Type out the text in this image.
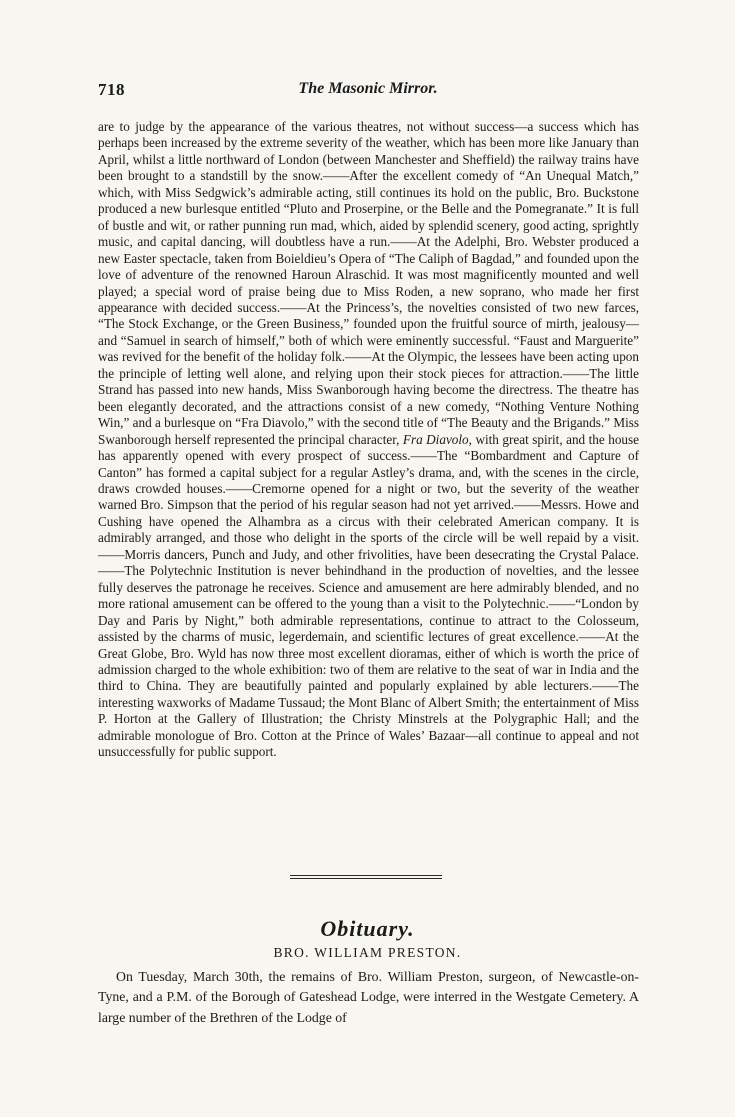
718	The Masonic Mirror.

are to judge by the appearance of the various theatres, not without success—a success which has perhaps been increased by the extreme severity of the weather, which has been more like January than April, whilst a little northward of London (between Manchester and Sheffield) the railway trains have been brought to a standstill by the snow.——After the excellent comedy of “An Unequal Match,” which, with Miss Sedgwick’s admirable acting, still continues its hold on the public, Bro. Buckstone produced a new burlesque entitled “Pluto and Proserpine, or the Belle and the Pomegranate.” It is full of bustle and wit, or rather punning run mad, which, aided by splendid scenery, good acting, sprightly music, and capital dancing, will doubtless have a run.——At the Adelphi, Bro. Webster produced a new Easter spectacle, taken from Boieldieu’s Opera of “The Caliph of Bagdad,” and founded upon the love of adventure of the renowned Haroun Alraschid. It was most magnificently mounted and well played; a special word of praise being due to Miss Roden, a new soprano, who made her first appearance with decided success.——At the Princess’s, the novelties consisted of two new farces, “The Stock Exchange, or the Green Business,” founded upon the fruitful source of mirth, jealousy—and “Samuel in search of himself,” both of which were eminently successful. “Faust and Marguerite” was revived for the benefit of the holiday folk.——At the Olympic, the lessees have been acting upon the principle of letting well alone, and relying upon their stock pieces for attraction.——The little Strand has passed into new hands, Miss Swanborough having become the directress. The theatre has been elegantly decorated, and the attractions consist of a new comedy, “Nothing Venture Nothing Win,” and a burlesque on “Fra Diavolo,” with the second title of “The Beauty and the Brigands.” Miss Swanborough herself represented the principal character, Fra Diavolo, with great spirit, and the house has apparently opened with every prospect of success.——The “Bombardment and Capture of Canton” has formed a capital subject for a regular Astley’s drama, and, with the scenes in the circle, draws crowded houses.——Cremorne opened for a night or two, but the severity of the weather warned Bro. Simpson that the period of his regular season had not yet arrived.——Messrs. Howe and Cushing have opened the Alhambra as a circus with their celebrated American company. It is admirably arranged, and those who delight in the sports of the circle will be well repaid by a visit.——Morris dancers, Punch and Judy, and other frivolities, have been desecrating the Crystal Palace.——The Polytechnic Institution is never behindhand in the production of novelties, and the lessee fully deserves the patronage he receives. Science and amusement are here admirably blended, and no more rational amusement can be offered to the young than a visit to the Polytechnic.——“London by Day and Paris by Night,” both admirable representations, continue to attract to the Colosseum, assisted by the charms of music, legerdemain, and scientific lectures of great excellence.——At the Great Globe, Bro. Wyld has now three most excellent dioramas, either of which is worth the price of admission charged to the whole exhibition: two of them are relative to the seat of war in India and the third to China. They are beautifully painted and popularly explained by able lecturers.——The interesting waxworks of Madame Tussaud; the Mont Blanc of Albert Smith; the entertainment of Miss P. Horton at the Gallery of Illustration; the Christy Minstrels at the Polygraphic Hall; and the admirable monologue of Bro. Cotton at the Prince of Wales’ Bazaar—all continue to appeal and not unsuccessfully for public support.

Obituary.
BRO. WILLIAM PRESTON.

On Tuesday, March 30th, the remains of Bro. William Preston, surgeon, of Newcastle-on-Tyne, and a P.M. of the Borough of Gateshead Lodge, were interred in the Westgate Cemetery. A large number of the Brethren of the Lodge of
